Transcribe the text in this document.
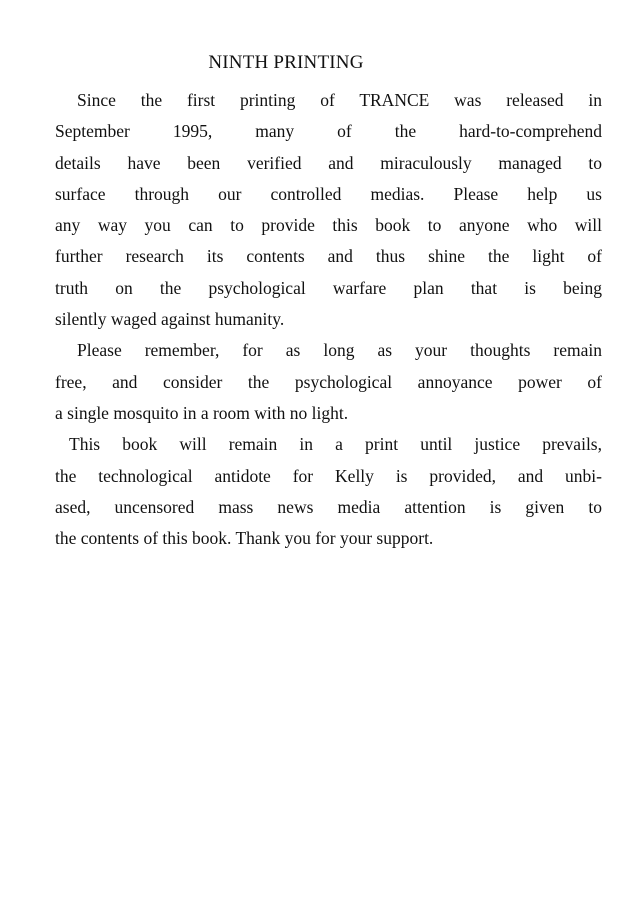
NINTH PRINTING
Since the first printing of TRANCE was released in
September 1995, many of the hard-to-comprehend
details have been verified and miraculously managed to
surface through our controlled medias. Please help us
any way you can to provide this book to anyone who will
further research its contents and thus shine the light of
truth on the psychological warfare plan that is being
silently waged against humanity.
Please remember, for as long as your thoughts remain
free, and consider the psychological annoyance power of
a single mosquito in a room with no light.
This book will remain in a print until justice prevails,
the technological antidote for Kelly is provided, and unbi-
ased, uncensored mass news media attention is given to
the contents of this book. Thank you for your support.
